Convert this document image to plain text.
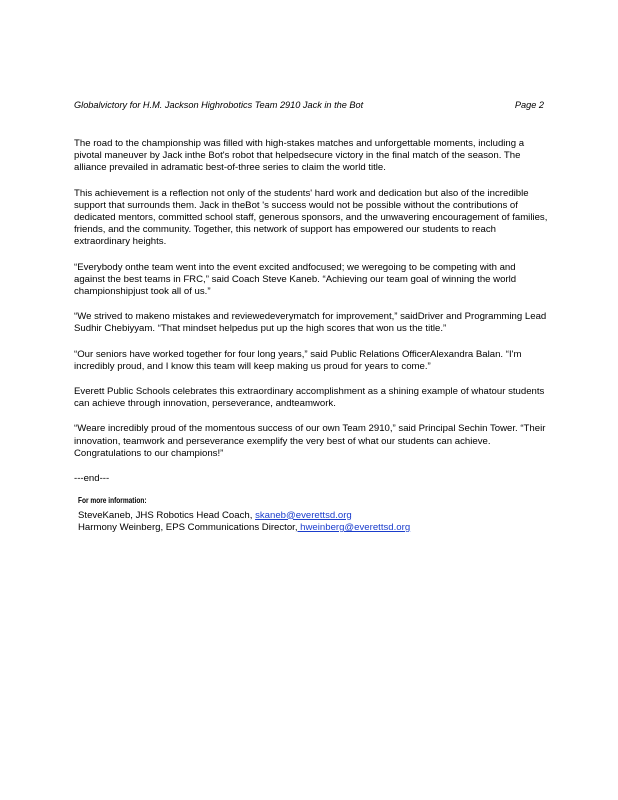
Globalvictory for H.M. Jackson Highrobotics Team 2910 Jack in the Bot	Page 2

The road to the championship was filled with high-stakes matches and unforgettable moments, including a pivotal maneuver by Jack inthe Bot's robot that helpedsecure victory in the final match of the season. The alliance prevailed in adramatic best-of-three series to claim the world title.

This achievement is a reflection not only of the students' hard work and dedication but also of the incredible support that surrounds them. Jack in theBot 's success would not be possible without the contributions of dedicated mentors, committed school staff, generous sponsors, and the unwavering encouragement of families, friends, and the community. Together, this network of support has empowered our students to reach extraordinary heights.

“Everybody onthe team went into the event excited andfocused; we weregoing to be competing with and against the best teams in FRC,” said Coach Steve Kaneb. “Achieving our team goal of winning the world championshipjust took all of us.”

“We strived to makeno mistakes and reviewedeverymatch for improvement,” saidDriver and Programming Lead Sudhir Chebiyyam. “That mindset helpedus put up the high scores that won us the title.”

“Our seniors have worked together for four long years,” said Public Relations OfficerAlexandra Balan. “I'm incredibly proud, and I know this team will keep making us proud for years to come.”

Everett Public Schools celebrates this extraordinary accomplishment as a shining example of whatour students can achieve through innovation, perseverance, andteamwork.

“Weare incredibly proud of the momentous success of our own Team 2910,” said Principal Sechin Tower. “Their innovation, teamwork and perseverance exemplify the very best of what our students can achieve. Congratulations to our champions!”

---end---

For more information:
SteveKaneb, JHS Robotics Head Coach, skaneb@everettsd.org
Harmony Weinberg, EPS Communications Director, hweinberg@everettsd.org
